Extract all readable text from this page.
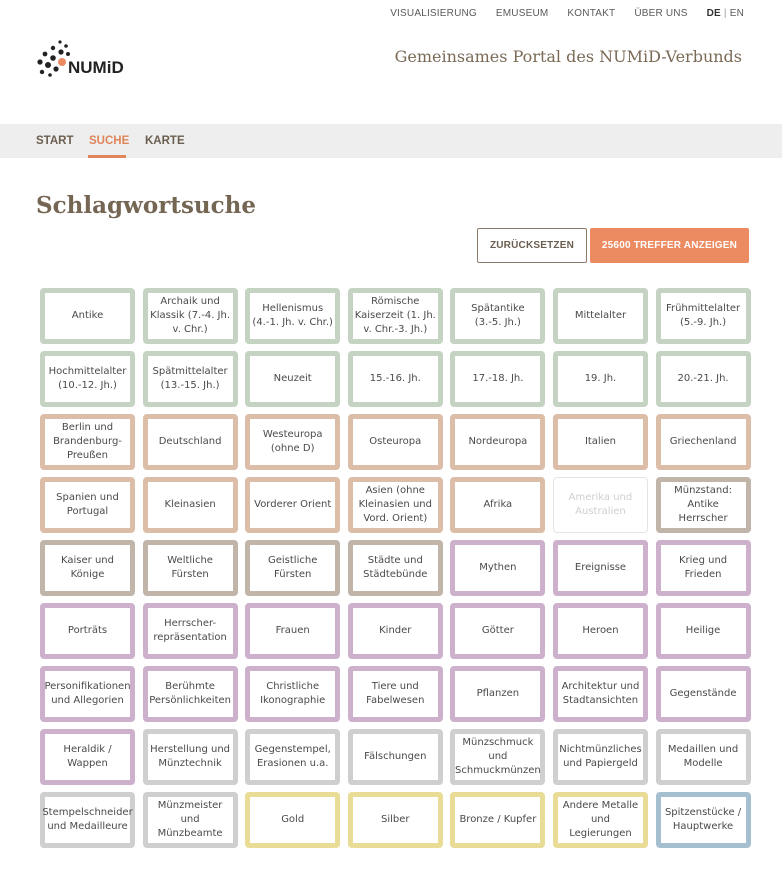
VISUALISIERUNG EMUSEUM KONTAKT ÜBER UNS DE | EN
NUMiD
Gemeinsames Portal des NUMiD-Verbunds
START SUCHE KARTE
Schlagwortsuche
ZURÜCKSETZEN	25600 TREFFER ANZEIGEN
Antike
Archaik und Klassik (7.-4. Jh. v. Chr.)
Hellenismus (4.-1. Jh. v. Chr.)
Römische Kaiserzeit (1. Jh. v. Chr.-3. Jh.)
Spätantike (3.-5. Jh.)
Mittelalter
Frühmittelalter (5.-9. Jh.)
Hochmittelalter (10.-12. Jh.)
Spätmittelalter (13.-15. Jh.)
Neuzeit	15.-16. Jh.	17.-18. Jh.	19. Jh.	20.-21. Jh.
Berlin und Brandenburg-Preußen
Deutschland
Westeuropa (ohne D)
Osteuropa	Nordeuropa	Italien	Griechenland
Spanien und Portugal
Kleinasien	Vorderer Orient
Asien (ohne Kleinasien und Vord. Orient)
Afrika
Amerika und Australien
Münzstand: Antike Herrscher
Kaiser und Könige
Weltliche Fürsten
Geistliche Fürsten
Städte und Städtebünde
Mythen	Ereignisse
Krieg und Frieden
Porträts
Herrscher-repräsentation
Frauen	Kinder	Götter	Heroen	Heilige
Personifikationen und Allegorien
Berühmte Persönlichkeiten
Christliche Ikonographie
Tiere und Fabelwesen
Pflanzen
Architektur und Stadtansichten
Gegenstände
Heraldik / Wappen
Herstellung und Münztechnik
Gegenstempel, Erasionen u.a.
Fälschungen
Münzschmuck und Schmuckmünzen
Nichtmünzliches und Papiergeld
Medaillen und Modelle
Stempelschneider und Medailleure
Münzmeister und Münzbeamte
Gold	Silber	Bronze / Kupfer
Andere Metalle und Legierungen
Spitzenstücke / Hauptwerke
